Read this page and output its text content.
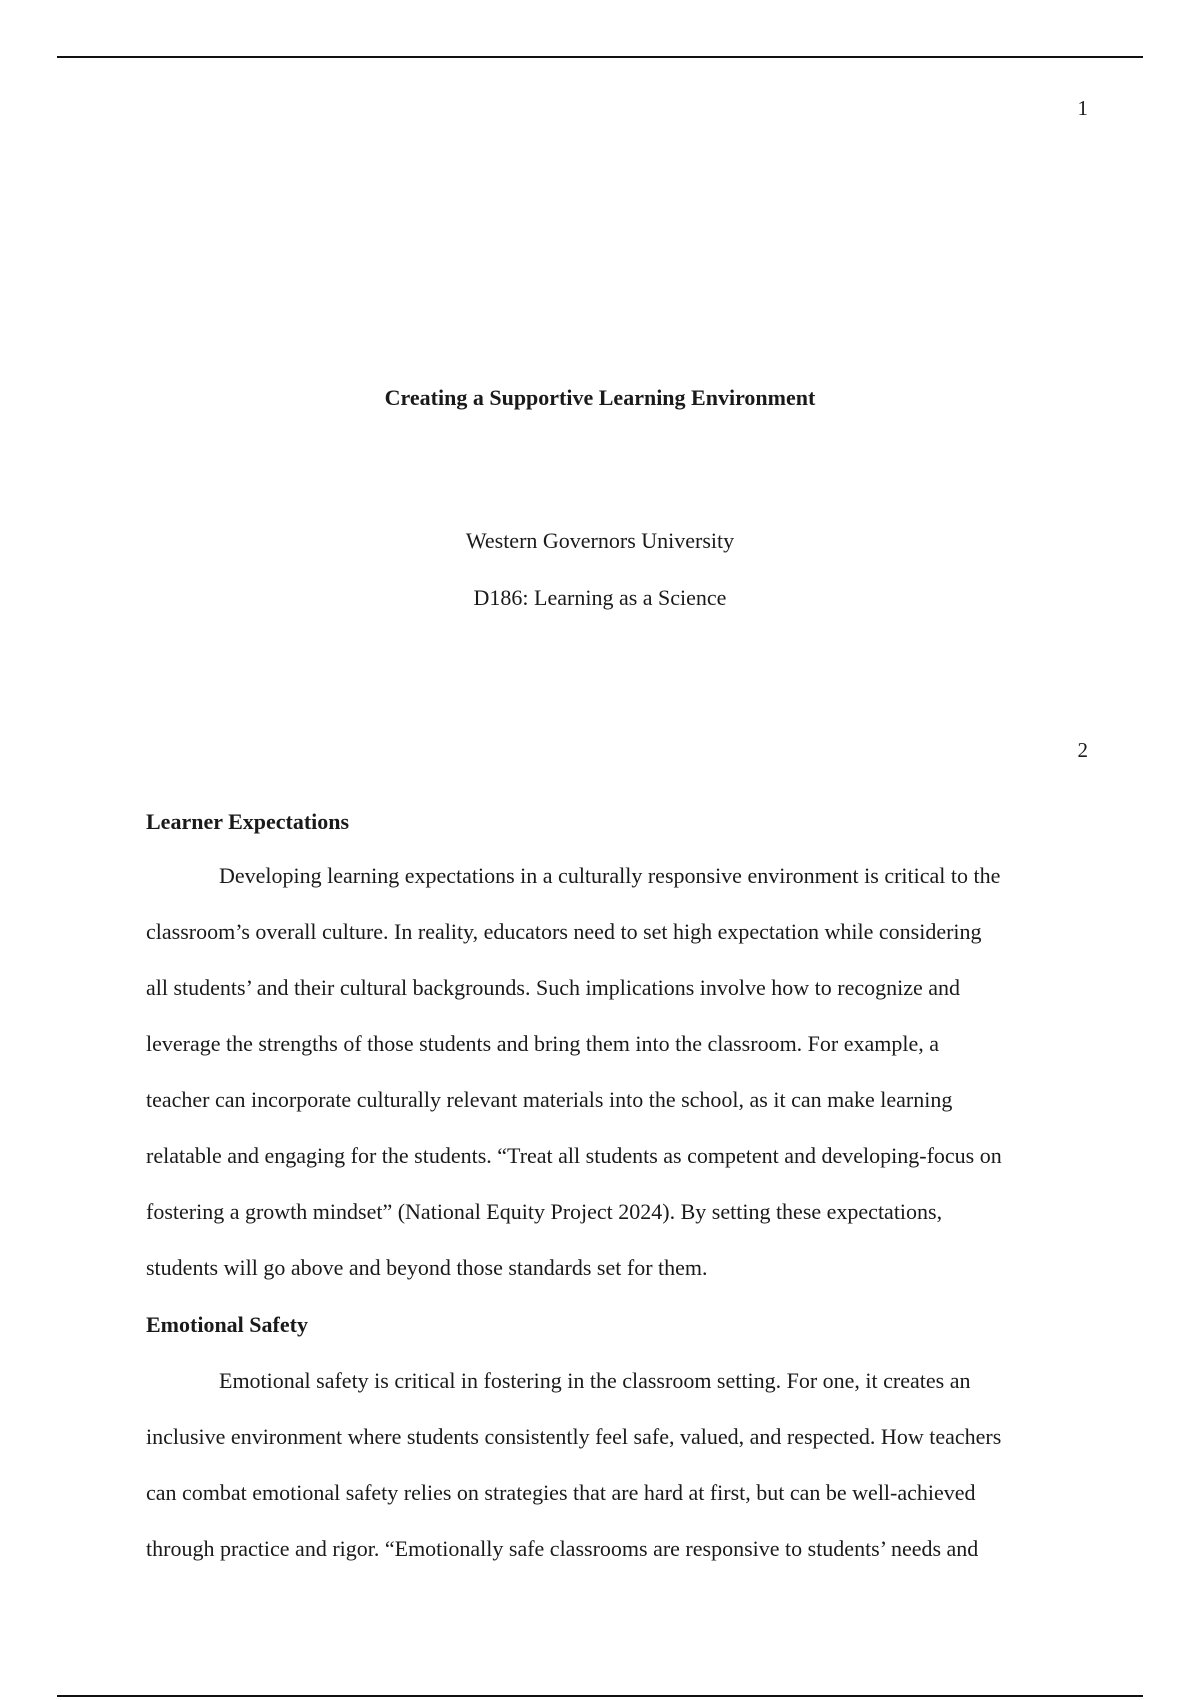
1
Creating a Supportive Learning Environment
Western Governors University
D186: Learning as a Science
2
Learner Expectations
Developing learning expectations in a culturally responsive environment is critical to the
classroom’s overall culture. In reality, educators need to set high expectation while considering
all students’ and their cultural backgrounds. Such implications involve how to recognize and
leverage the strengths of those students and bring them into the classroom. For example, a
teacher can incorporate culturally relevant materials into the school, as it can make learning
relatable and engaging for the students. “Treat all students as competent and developing-focus on
fostering a growth mindset” (National Equity Project 2024). By setting these expectations,
students will go above and beyond those standards set for them.
Emotional Safety
Emotional safety is critical in fostering in the classroom setting. For one, it creates an
inclusive environment where students consistently feel safe, valued, and respected. How teachers
can combat emotional safety relies on strategies that are hard at first, but can be well-achieved
through practice and rigor. “Emotionally safe classrooms are responsive to students’ needs and
